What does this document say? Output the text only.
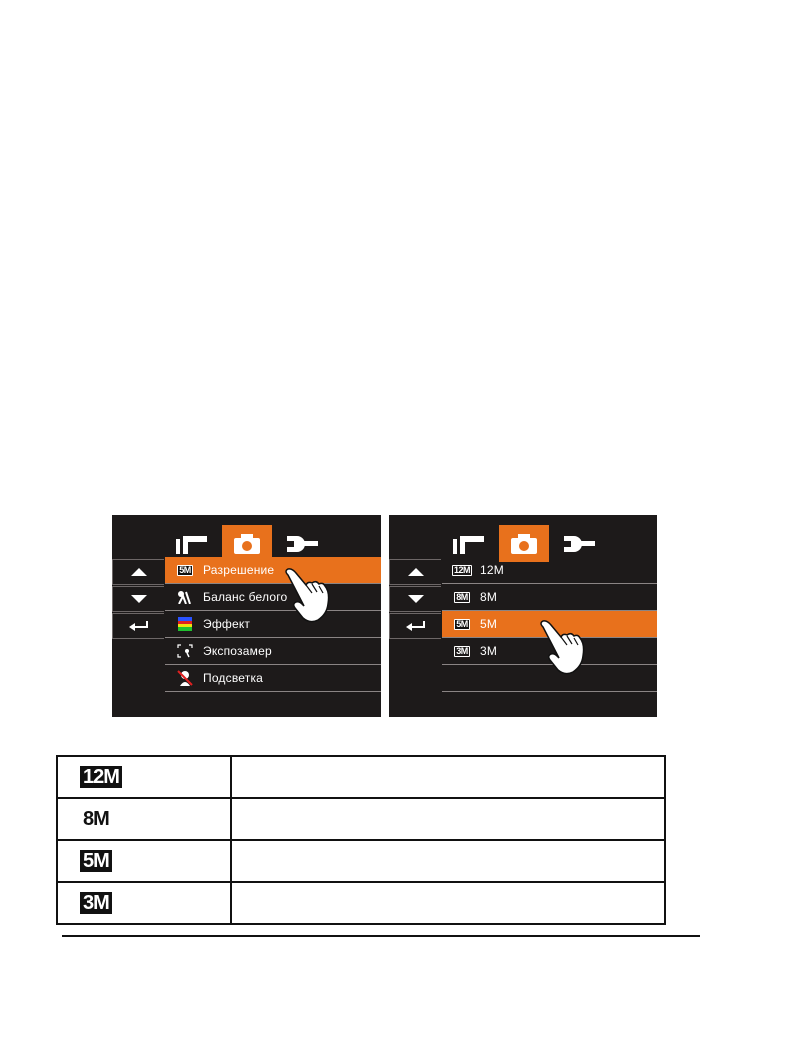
5M Разрешение
Баланс белого
Эффект
Экспозамер
Подсветка
12M 12M
8M 8M
5M 5M
3M 3M
12M	
8M	
5M	
3M	
